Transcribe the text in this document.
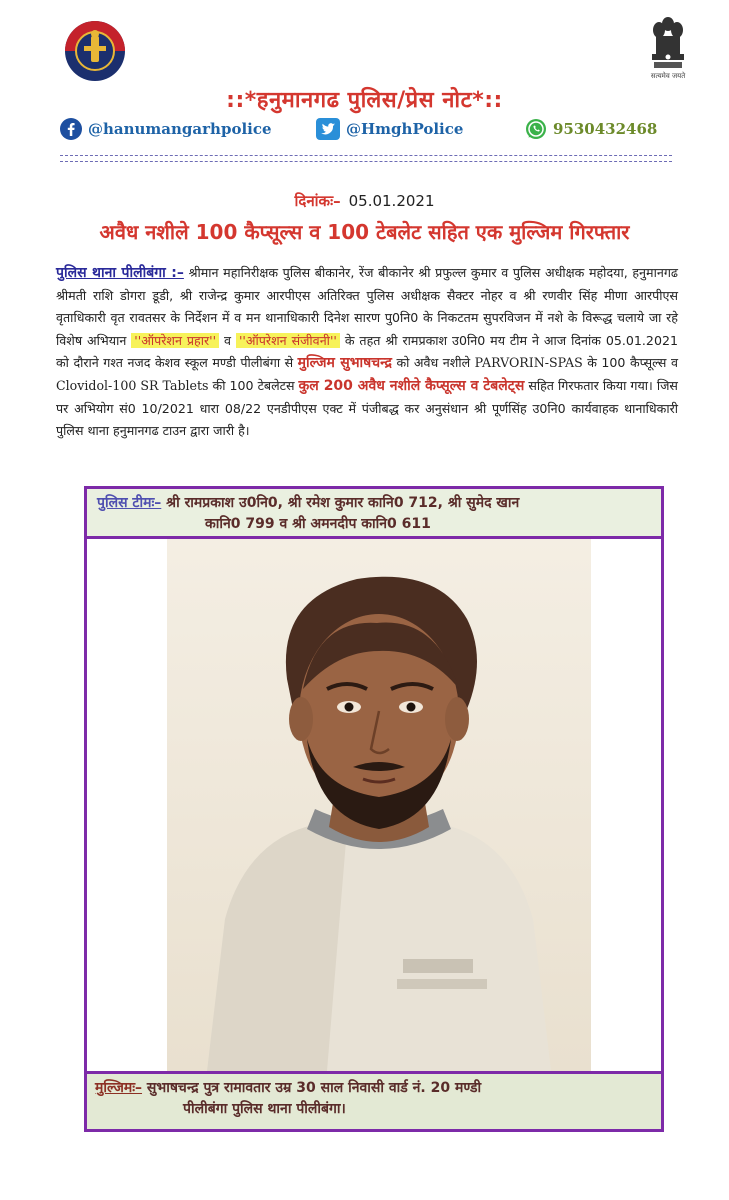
सत्यमेव जयते
::*हनुमानगढ पुलिस/प्रेस नोट*::
@hanumangarhpolice	@HmghPolice	9530432468
दिनांकः– 05.01.2021
अवैध नशीले 100 कैप्सूल्स व 100 टेबलेट सहित एक मुल्जिम गिरफ्तार
पुलिस थाना पीलीबंगा :– श्रीमान महानिरीक्षक पुलिस बीकानेर, रेंज बीकानेर श्री प्रफुल्ल कुमार व पुलिस अधीक्षक महोदया, हनुमानगढ श्रीमती राशि डोगरा डूडी, श्री राजेन्द्र कुमार आरपीएस अतिरिक्त पुलिस अधीक्षक सैक्टर नोहर व श्री रणवीर सिंह मीणा आरपीएस वृताधिकारी वृत रावतसर के निर्देशन में व मन थानाधिकारी दिनेश सारण पु0नि0 के निकटतम सुपरविजन में नशे के विरूद्ध चलाये जा रहे विशेष अभियान ''ऑपरेशन प्रहार'' व ''ऑपरेशन संजीवनी'' के तहत श्री रामप्रकाश उ0नि0 मय टीम ने आज दिनांक 05.01.2021 को दौराने गश्त नजद केशव स्कूल मण्डी पीलीबंगा से मुल्जिम सुभाषचन्द्र को अवैध नशीले PARVORIN-SPAS के 100 कैप्सूल्स व Clovidol-100 SR Tablets की 100 टेबलेटस कुल 200 अवैध नशीले कैप्सूल्स व टेबलेट्स सहित गिरफतार किया गया। जिस पर अभियोग सं0 10/2021 धारा 08/22 एनडीपीएस एक्ट में पंजीबद्ध कर अनुसंधान श्री पूर्णसिंह उ0नि0 कार्यवाहक थानाधिकारी पुलिस थाना हनुमानगढ टाउन द्वारा जारी है।
पुलिस टीमः– श्री रामप्रकाश उ0नि0, श्री रमेश कुमार कानि0 712, श्री सुमेद खान
कानि0 799 व श्री अमनदीप कानि0 611
मुल्जिमः– सुभाषचन्द्र पुत्र रामावतार उम्र 30 साल निवासी वार्ड नं. 20 मण्डी
पीलीबंगा पुलिस थाना पीलीबंगा।
